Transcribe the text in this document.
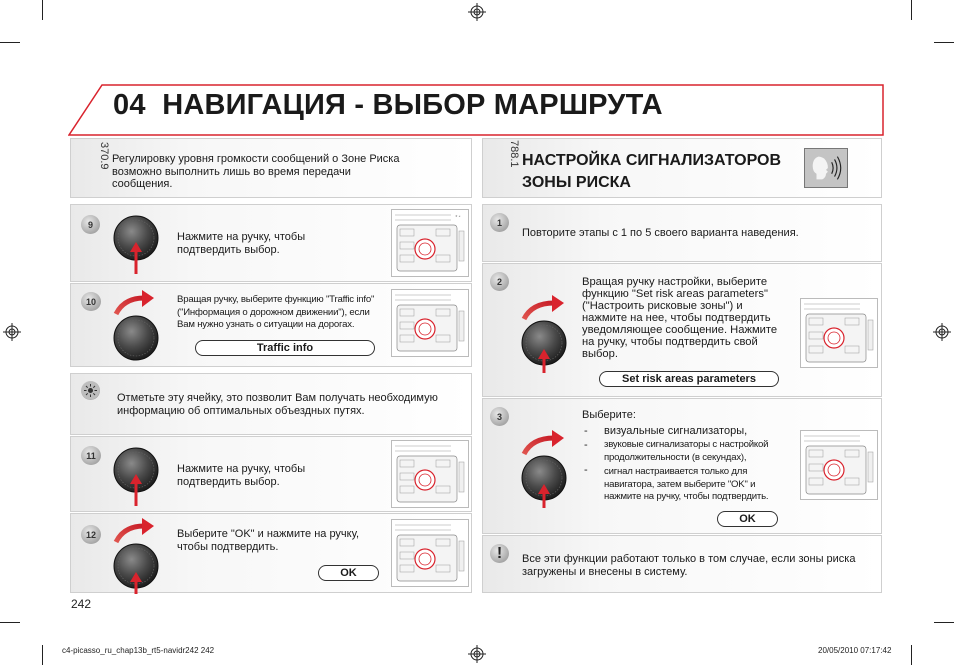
04 НАВИГАЦИЯ - ВЫБОР МАРШРУТА
370.9 Регулировку уровня громкости сообщений о Зоне Риска возможно выполнить лишь во время передачи сообщения.
9
Нажмите на ручку, чтобы подтвердить выбор.
★ ◂
10	Вращая ручку, выберите функцию "Traffic info" ("Информация о дорожном движении"), если Вам нужно узнать о ситуации на дорогах.
Traffic info
Отметьте эту ячейку, это позволит Вам получать необходимую информацию об оптимальных объездных путях.
11
Нажмите на ручку, чтобы подтвердить выбор.
12	Выберите "OK" и нажмите на ручку, чтобы подтвердить.
OK
242
788.1 НАСТРОЙКА СИГНАЛИЗАТОРОВ
ЗОНЫ РИСКА
1
Повторите этапы с 1 по 5 своего варианта наведения.
2	Вращая ручку настройки, выберите функцию "Set risk areas parameters" ("Настроить рисковые зоны") и нажмите на нее, чтобы подтвердить уведомляющее сообщение. Нажмите на ручку, чтобы подтвердить свой выбор.
Set risk areas parameters
3	Выберите:
- визуальные сигнализаторы,
- звуковые сигнализаторы с настройкой продолжительности (в секундах),
- сигнал настраивается только для навигатора, затем выберите "OK" и нажмите на ручку, чтобы подтвердить.
OK
!	Все эти функции работают только в том случае, если зоны риска загружены и внесены в систему.
c4-picasso_ru_chap13b_rt5-navidr242 242	20/05/2010 07:17:42
